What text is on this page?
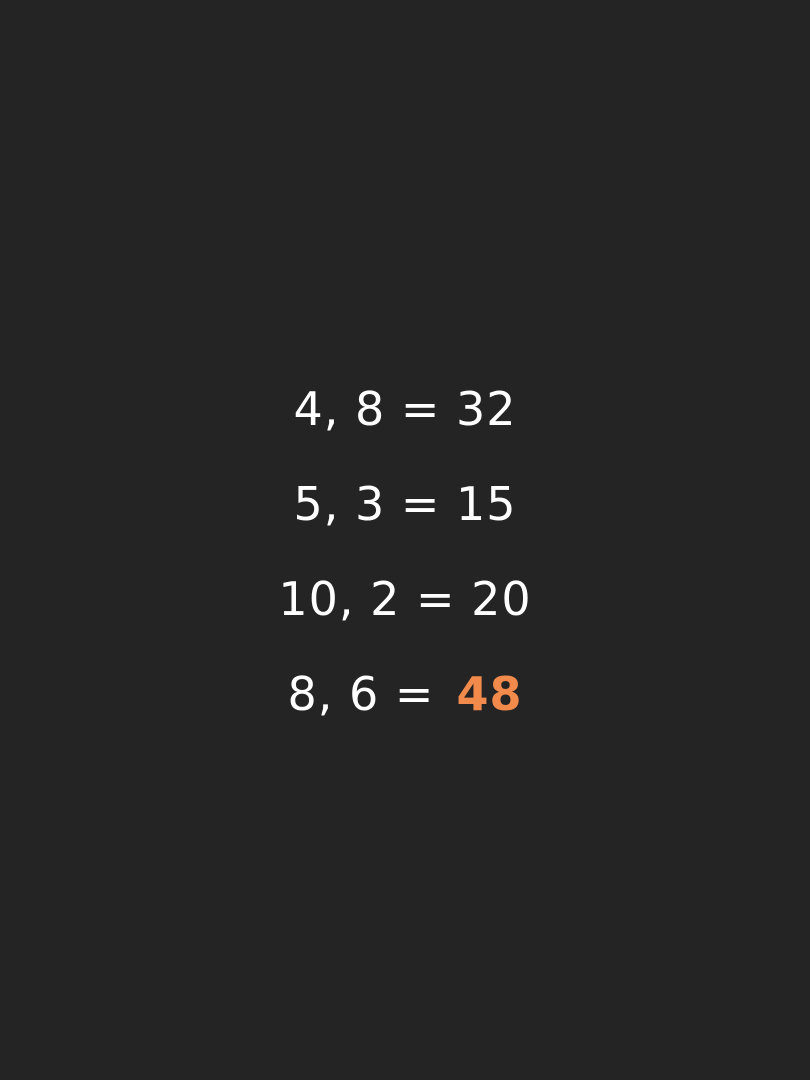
4, 8 = 32
5, 3 = 15
10, 2 = 20
8, 6 = 48
